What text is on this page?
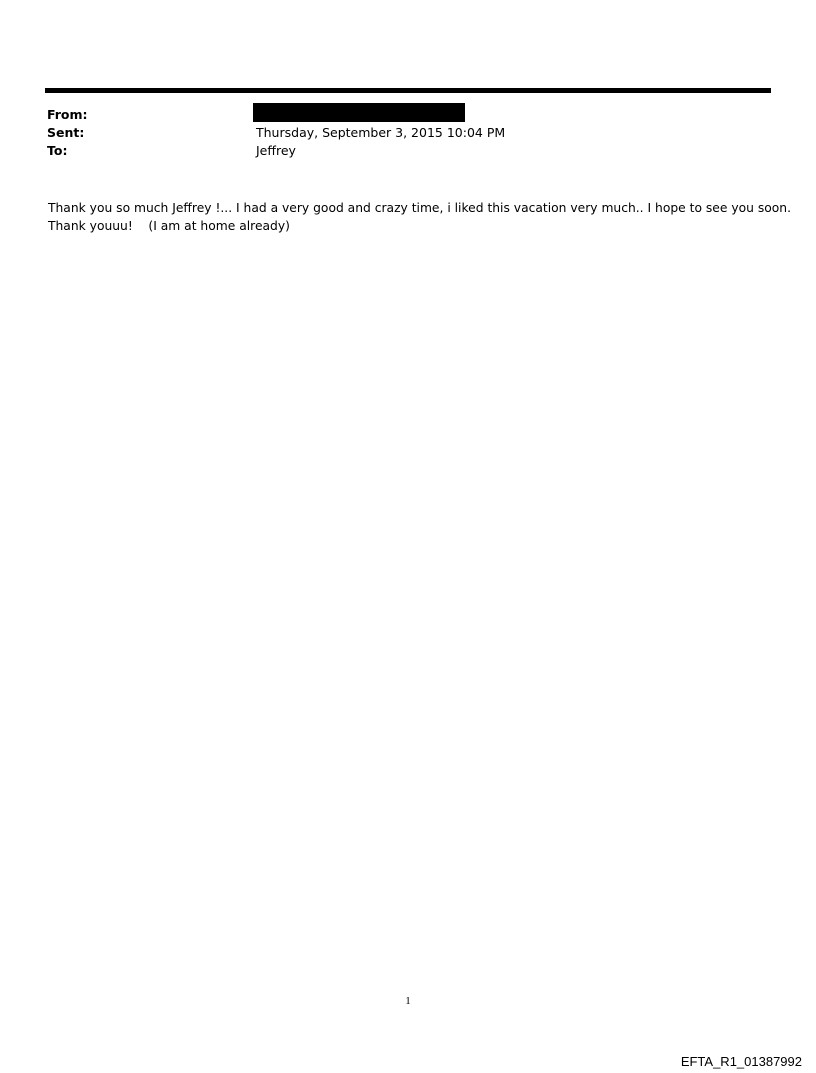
From:
Sent:	Thursday, September 3, 2015 10:04 PM
To:	Jeffrey
Thank you so much Jeffrey !... I had a very good and crazy time, i liked this vacation very much.. I hope to see you soon.
Thank youuu!    (I am at home already)
1
EFTA_R1_01387992
